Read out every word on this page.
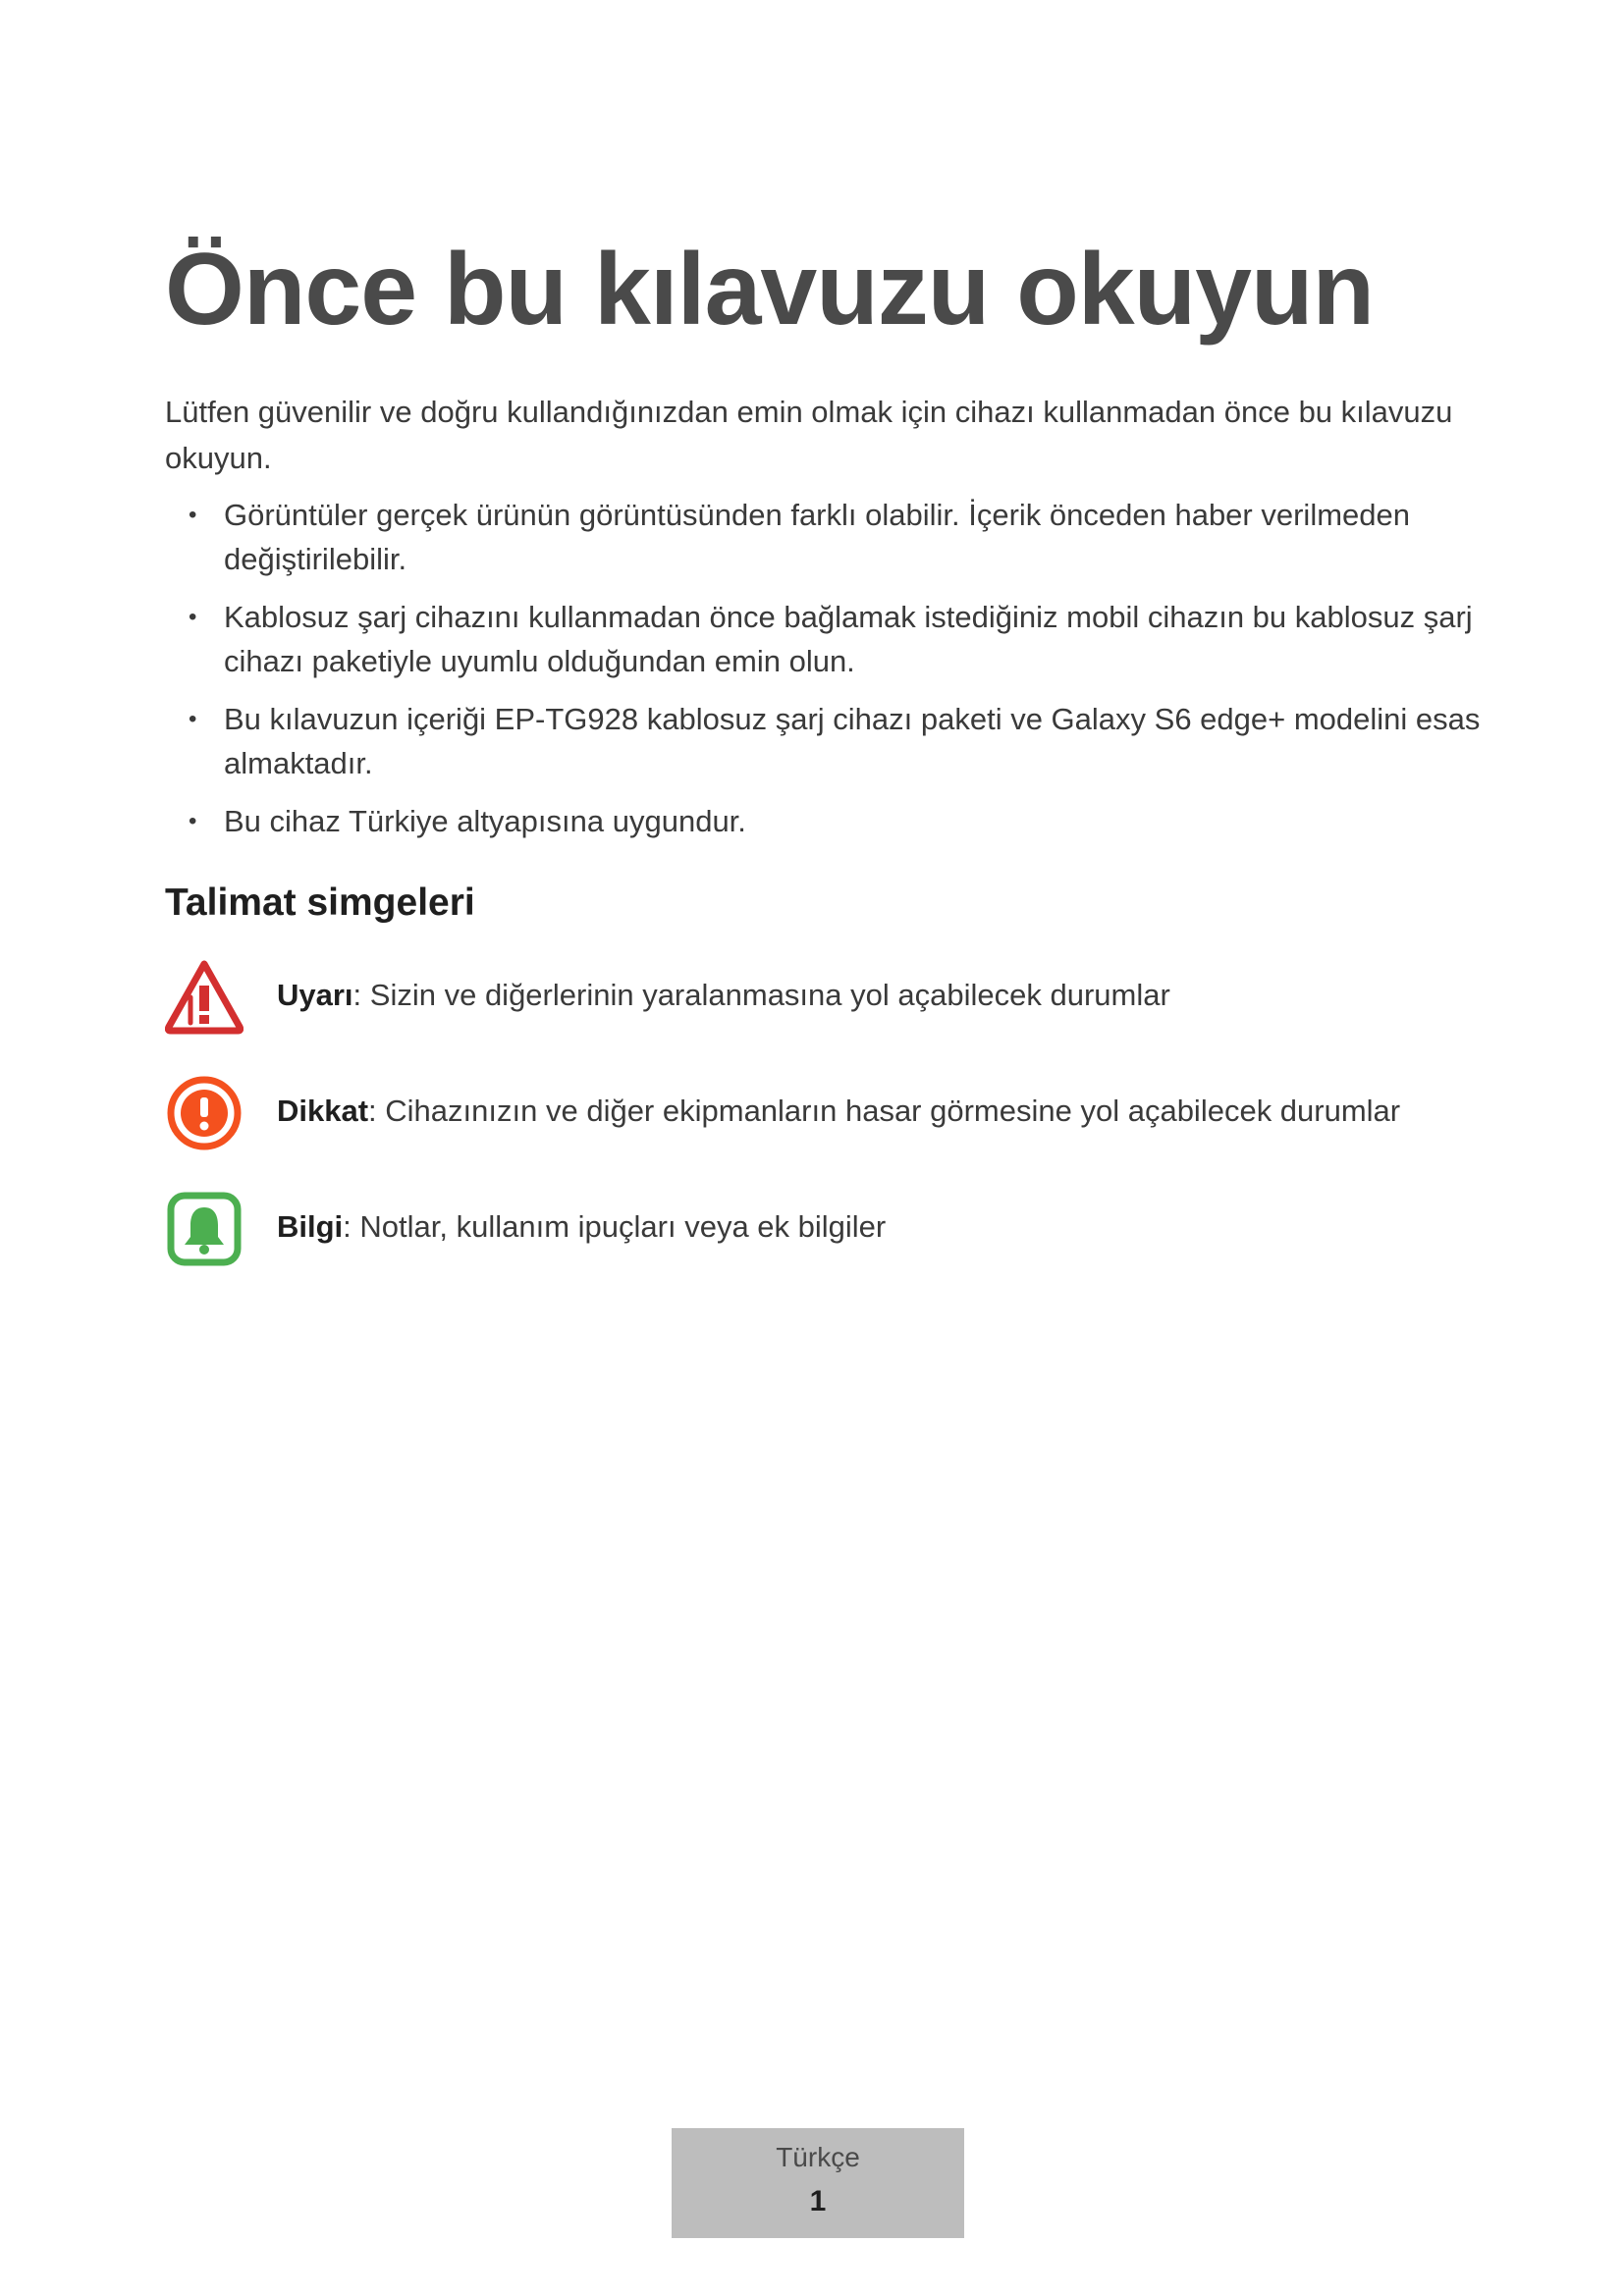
Önce bu kılavuzu okuyun

Lütfen güvenilir ve doğru kullandığınızdan emin olmak için cihazı kullanmadan önce bu kılavuzu okuyun.

• Görüntüler gerçek ürünün görüntüsünden farklı olabilir. İçerik önceden haber verilmeden değiştirilebilir.
• Kablosuz şarj cihazını kullanmadan önce bağlamak istediğiniz mobil cihazın bu kablosuz şarj cihazı paketiyle uyumlu olduğundan emin olun.
• Bu kılavuzun içeriği EP-TG928 kablosuz şarj cihazı paketi ve Galaxy S6 edge+ modelini esas almaktadır.
• Bu cihaz Türkiye altyapısına uygundur.
Talimat simgeleri
Uyarı: Sizin ve diğerlerinin yaralanmasına yol açabilecek durumlar
Dikkat: Cihazınızın ve diğer ekipmanların hasar görmesine yol açabilecek durumlar
Bilgi: Notlar, kullanım ipuçları veya ek bilgiler
Türkçe
1
